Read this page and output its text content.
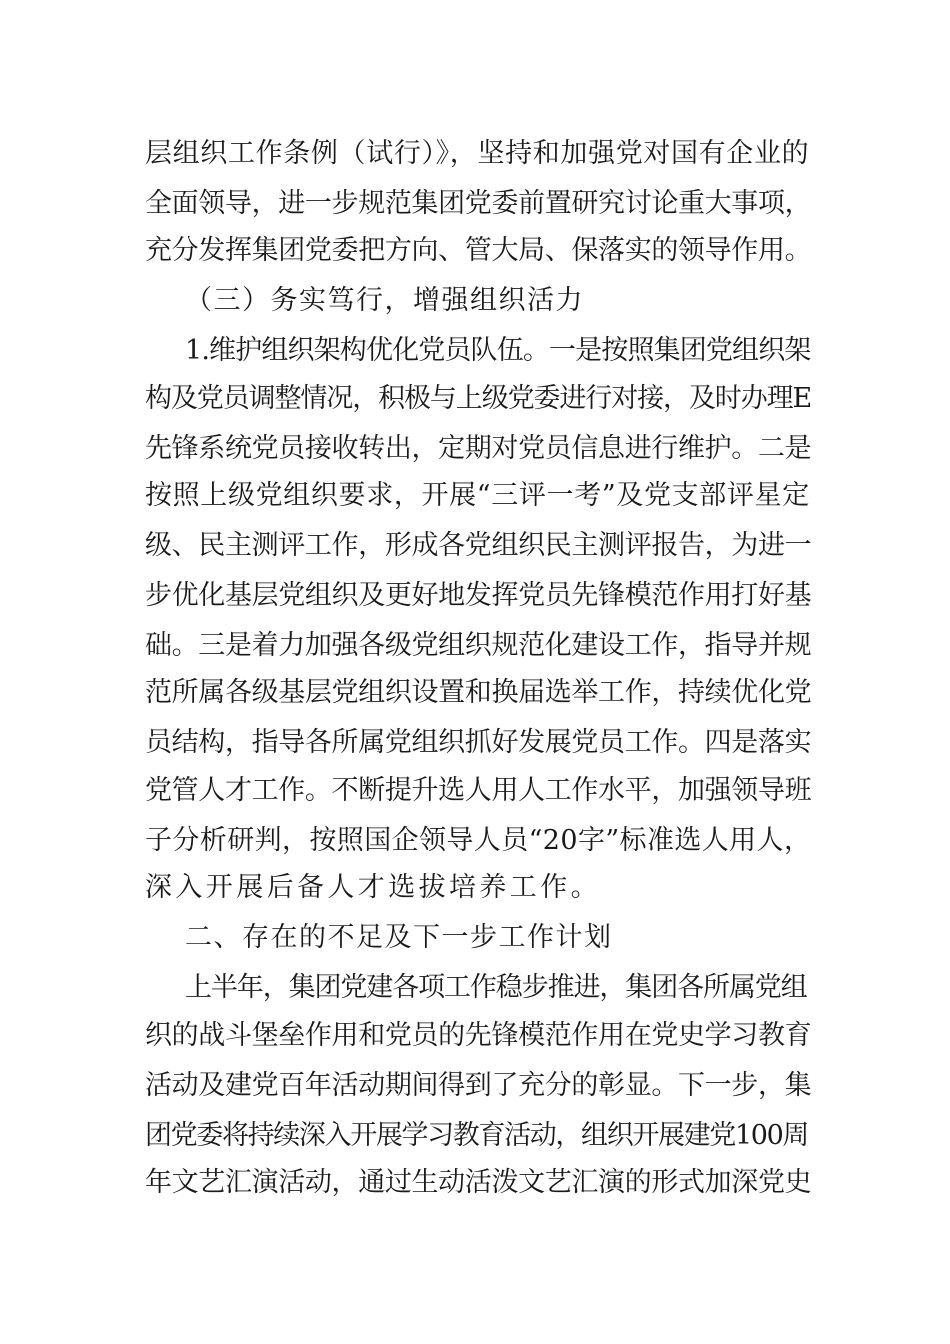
层组织工作条例（试行）》，坚持和加强党对国有企业的
全面领导，进一步规范集团党委前置研究讨论重大事项，
充分发挥集团党委把方向、管大局、保落实的领导作用。
（三）务实笃行，增强组织活力
1.维护组织架构优化党员队伍。一是按照集团党组织架
构及党员调整情况，积极与上级党委进行对接，及时办理E
先锋系统党员接收转出，定期对党员信息进行维护。二是
按照上级党组织要求，开展“三评一考”及党支部评星定
级、民主测评工作，形成各党组织民主测评报告，为进一
步优化基层党组织及更好地发挥党员先锋模范作用打好基
础。三是着力加强各级党组织规范化建设工作，指导并规
范所属各级基层党组织设置和换届选举工作，持续优化党
员结构，指导各所属党组织抓好发展党员工作。四是落实
党管人才工作。不断提升选人用人工作水平，加强领导班
子分析研判，按照国企领导人员“20字”标准选人用人，
深入开展后备人才选拔培养工作。
二、存在的不足及下一步工作计划
上半年，集团党建各项工作稳步推进，集团各所属党组
织的战斗堡垒作用和党员的先锋模范作用在党史学习教育
活动及建党百年活动期间得到了充分的彰显。下一步，集
团党委将持续深入开展学习教育活动，组织开展建党100周
年文艺汇演活动，通过生动活泼文艺汇演的形式加深党史
